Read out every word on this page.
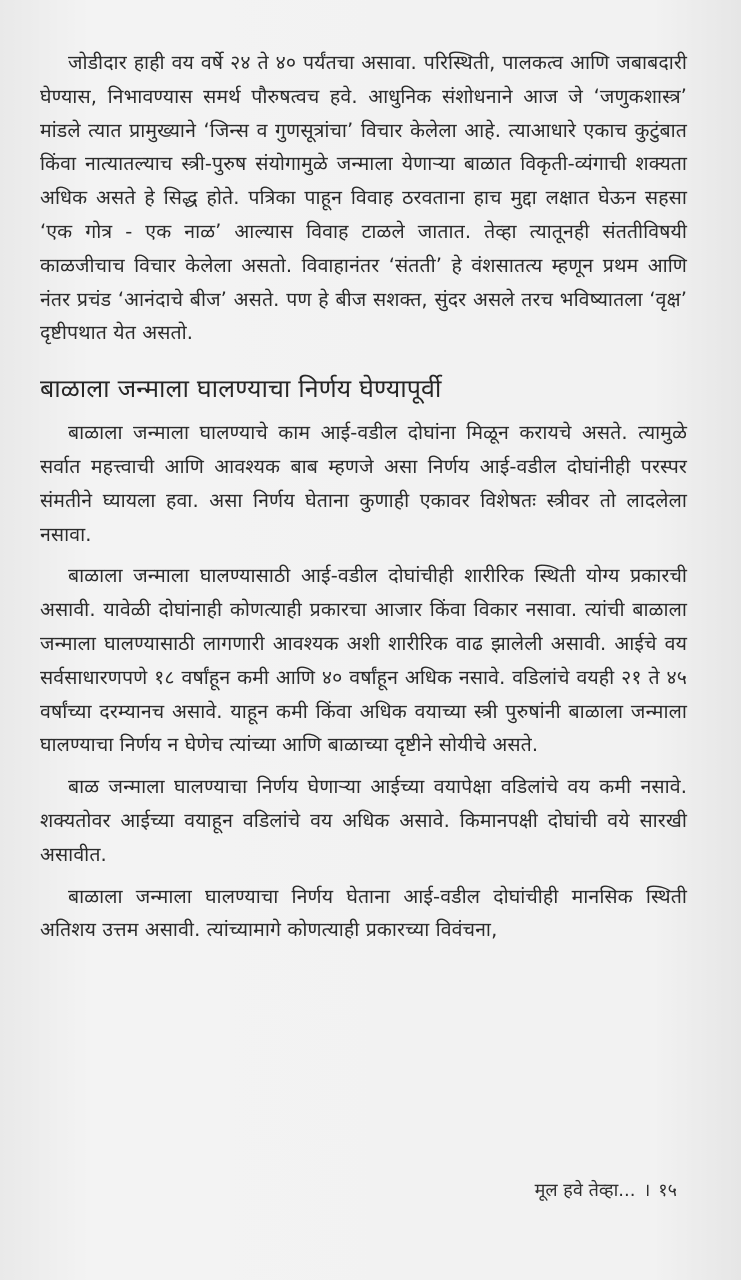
जोडीदार हाही वय वर्षे २४ ते ४० पर्यंतचा असावा. परिस्थिती, पालकत्व आणि जबाबदारी घेण्यास, निभावण्यास समर्थ पौरुषत्वच हवे. आधुनिक संशोधनाने आज जे ‘जणुकशास्त्र’ मांडले त्यात प्रामुख्याने ‘जिन्स व गुणसूत्रांचा’ विचार केलेला आहे. त्याआधारे एकाच कुटुंबात किंवा नात्यातल्याच स्त्री-पुरुष संयोगामुळे जन्माला येणाऱ्या बाळात विकृती-व्यंगाची शक्यता अधिक असते हे सिद्ध होते. पत्रिका पाहून विवाह ठरवताना हाच मुद्दा लक्षात घेऊन सहसा ‘एक गोत्र - एक नाळ’ आल्यास विवाह टाळले जातात. तेव्हा त्यातूनही संततीविषयी काळजीचाच विचार केलेला असतो. विवाहानंतर ‘संतती’ हे वंशसातत्य म्हणून प्रथम आणि नंतर प्रचंड ‘आनंदाचे बीज’ असते. पण हे बीज सशक्त, सुंदर असले तरच भविष्यातला ‘वृक्ष’ दृष्टीपथात येत असतो.

बाळाला जन्माला घालण्याचा निर्णय घेण्यापूर्वी

बाळाला जन्माला घालण्याचे काम आई-वडील दोघांना मिळून करायचे असते. त्यामुळे सर्वात महत्त्वाची आणि आवश्यक बाब म्हणजे असा निर्णय आई-वडील दोघांनीही परस्पर संमतीने घ्यायला हवा. असा निर्णय घेताना कुणाही एकावर विशेषतः स्त्रीवर तो लादलेला नसावा.

बाळाला जन्माला घालण्यासाठी आई-वडील दोघांचीही शारीरिक स्थिती योग्य प्रकारची असावी. यावेळी दोघांनाही कोणत्याही प्रकारचा आजार किंवा विकार नसावा. त्यांची बाळाला जन्माला घालण्यासाठी लागणारी आवश्यक अशी शारीरिक वाढ झालेली असावी. आईचे वय सर्वसाधारणपणे १८ वर्षांहून कमी आणि ४० वर्षांहून अधिक नसावे. वडिलांचे वयही २१ ते ४५ वर्षांच्या दरम्यानच असावे. याहून कमी किंवा अधिक वयाच्या स्त्री पुरुषांनी बाळाला जन्माला घालण्याचा निर्णय न घेणेच त्यांच्या आणि बाळाच्या दृष्टीने सोयीचे असते.

बाळ जन्माला घालण्याचा निर्णय घेणाऱ्या आईच्या वयापेक्षा वडिलांचे वय कमी नसावे. शक्यतोवर आईच्या वयाहून वडिलांचे वय अधिक असावे. किमानपक्षी दोघांची वये सारखी असावीत.

बाळाला जन्माला घालण्याचा निर्णय घेताना आई-वडील दोघांचीही मानसिक स्थिती अतिशय उत्तम असावी. त्यांच्यामागे कोणत्याही प्रकारच्या विवंचना,

मूल हवे तेव्हा... । १५
